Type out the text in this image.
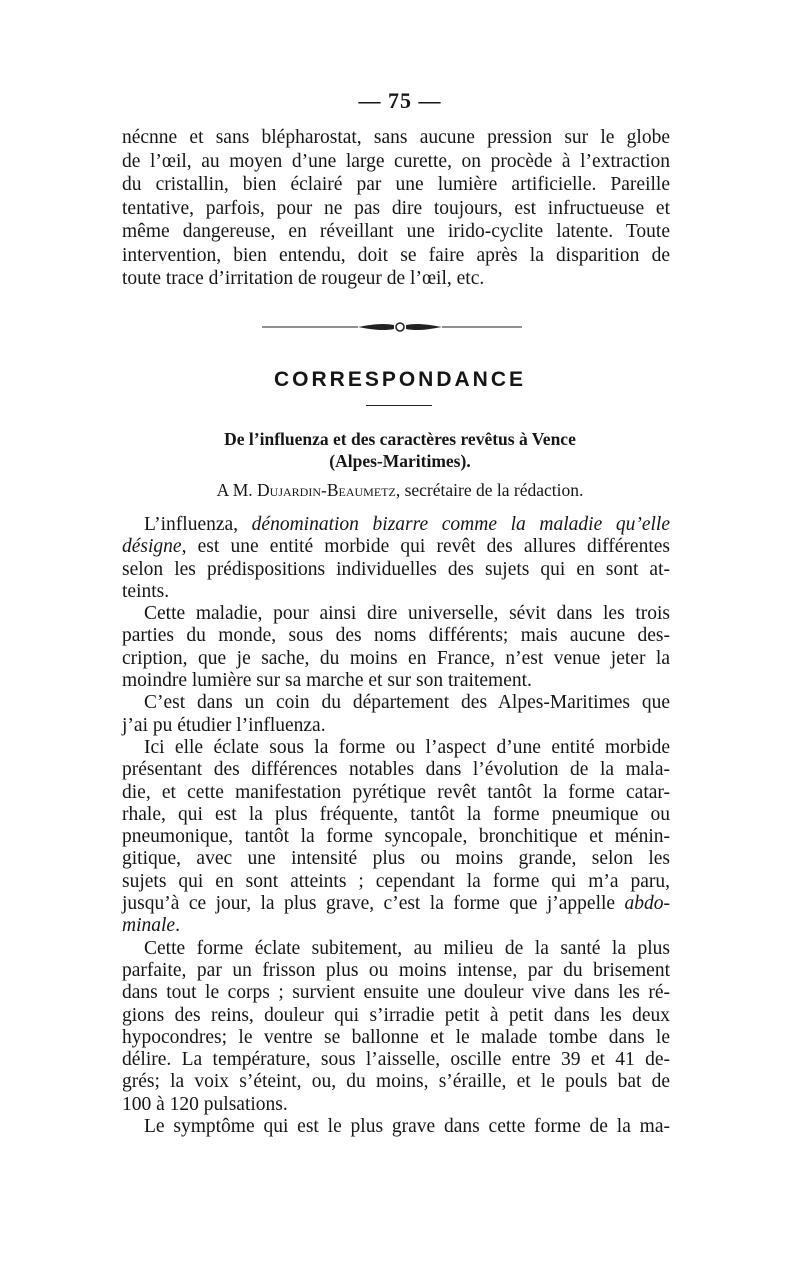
— 75 —
nécnne et sans blépharostat, sans aucune pression sur le globe
de l’œil, au moyen d’une large curette, on procède à l’extraction
du cristallin, bien éclairé par une lumière artificielle. Pareille
tentative, parfois, pour ne pas dire toujours, est infructueuse et
même dangereuse, en réveillant une irido-cyclite latente. Toute
intervention, bien entendu, doit se faire après la disparition de
toute trace d’irritation de rougeur de l’œil, etc.
CORRESPONDANCE
De l’influenza et des caractères revêtus à Vence
(Alpes-Maritimes).
A M. Dujardin-Beaumetz, secrétaire de la rédaction.
L’influenza, dénomination bizarre comme la maladie qu’elle
désigne, est une entité morbide qui revêt des allures différentes
selon les prédispositions individuelles des sujets qui en sont at-
teints.
Cette maladie, pour ainsi dire universelle, sévit dans les trois
parties du monde, sous des noms différents; mais aucune des-
cription, que je sache, du moins en France, n’est venue jeter la
moindre lumière sur sa marche et sur son traitement.
C’est dans un coin du département des Alpes-Maritimes que
j’ai pu étudier l’influenza.
Ici elle éclate sous la forme ou l’aspect d’une entité morbide
présentant des différences notables dans l’évolution de la mala-
die, et cette manifestation pyrétique revêt tantôt la forme catar-
rhale, qui est la plus fréquente, tantôt la forme pneumique ou
pneumonique, tantôt la forme syncopale, bronchitique et ménin-
gitique, avec une intensité plus ou moins grande, selon les
sujets qui en sont atteints ; cependant la forme qui m’a paru,
jusqu’à ce jour, la plus grave, c’est la forme que j’appelle abdo-
minale.
Cette forme éclate subitement, au milieu de la santé la plus
parfaite, par un frisson plus ou moins intense, par du brisement
dans tout le corps ; survient ensuite une douleur vive dans les ré-
gions des reins, douleur qui s’irradie petit à petit dans les deux
hypocondres; le ventre se ballonne et le malade tombe dans le
délire. La température, sous l’aisselle, oscille entre 39 et 41 de-
grés; la voix s’éteint, ou, du moins, s’éraille, et le pouls bat de
100 à 120 pulsations.
Le symptôme qui est le plus grave dans cette forme de la ma-
